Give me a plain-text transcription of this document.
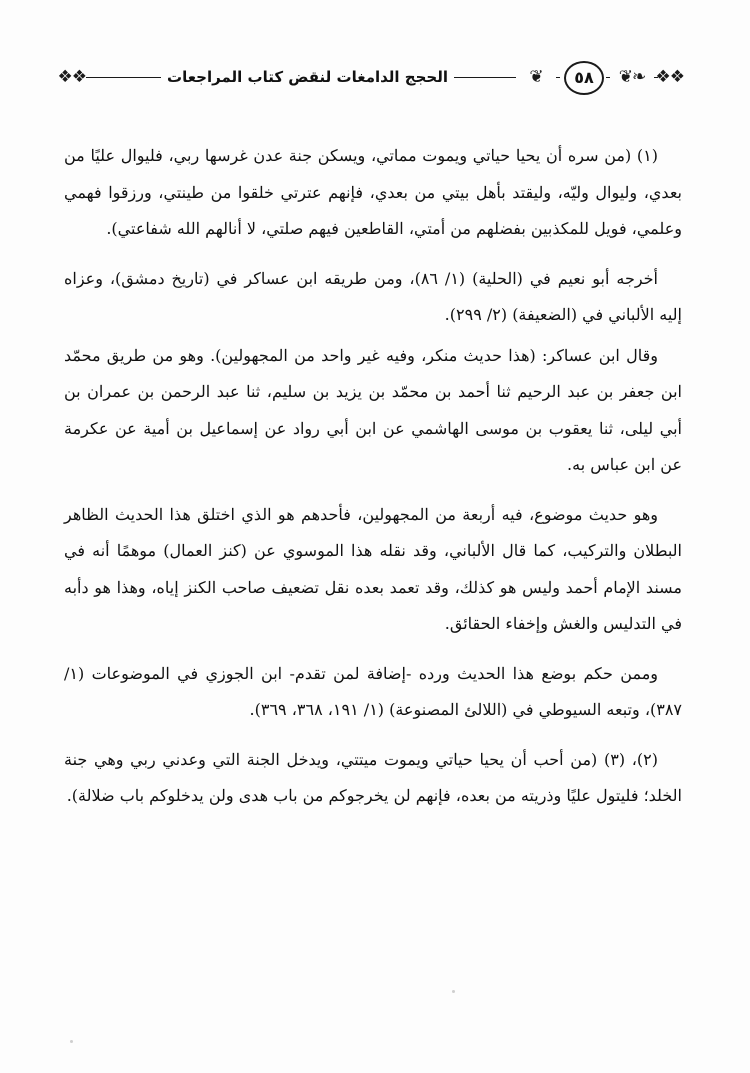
❖❖
❧❦
٥٨
❦
الحجج الدامغات لنقض كتاب المراجعات
❖❖

(١) (من سره أن يحيا حياتي ويموت مماتي، ويسكن جنة عدن غرسها ربي، فليوال عليًا من بعدي، وليوال وليّه، وليقتد بأهل بيتي من بعدي، فإنهم عترتي خلقوا من طينتي، ورزقوا فهمي وعلمي، فويل للمكذبين بفضلهم من أمتي، القاطعين فيهم صلتي، لا أنالهم الله شفاعتي).

أخرجه أبو نعيم في (الحلية) (١/ ٨٦)، ومن طريقه ابن عساكر في (تاريخ دمشق)، وعزاه إليه الألباني في (الضعيفة) (٢/ ٢٩٩).

وقال ابن عساكر: (هذا حديث منكر، وفيه غير واحد من المجهولين). وهو من طريق محمّد ابن جعفر بن عبد الرحيم ثنا أحمد بن محمّد بن يزيد بن سليم، ثنا عبد الرحمن بن عمران بن أبي ليلى، ثنا يعقوب بن موسى الهاشمي عن ابن أبي رواد عن إسماعيل بن أمية عن عكرمة عن ابن عباس به.

وهو حديث موضوع، فيه أربعة من المجهولين، فأحدهم هو الذي اختلق هذا الحديث الظاهر البطلان والتركيب، كما قال الألباني، وقد نقله هذا الموسوي عن (كنز العمال) موهمًا أنه في مسند الإمام أحمد وليس هو كذلك، وقد تعمد بعده نقل تضعيف صاحب الكنز إياه، وهذا هو دأبه في التدليس والغش وإخفاء الحقائق.

وممن حكم بوضع هذا الحديث ورده -إضافة لمن تقدم- ابن الجوزي في الموضوعات (١/ ٣٨٧)، وتبعه السيوطي في (اللالئ المصنوعة) (١/ ١٩١، ٣٦٨، ٣٦٩).

(٢)، (٣) (من أحب أن يحيا حياتي ويموت ميتتي، ويدخل الجنة التي وعدني ربي وهي جنة الخلد؛ فليتول عليًا وذريته من بعده، فإنهم لن يخرجوكم من باب هدى ولن يدخلوكم باب ضلالة).
